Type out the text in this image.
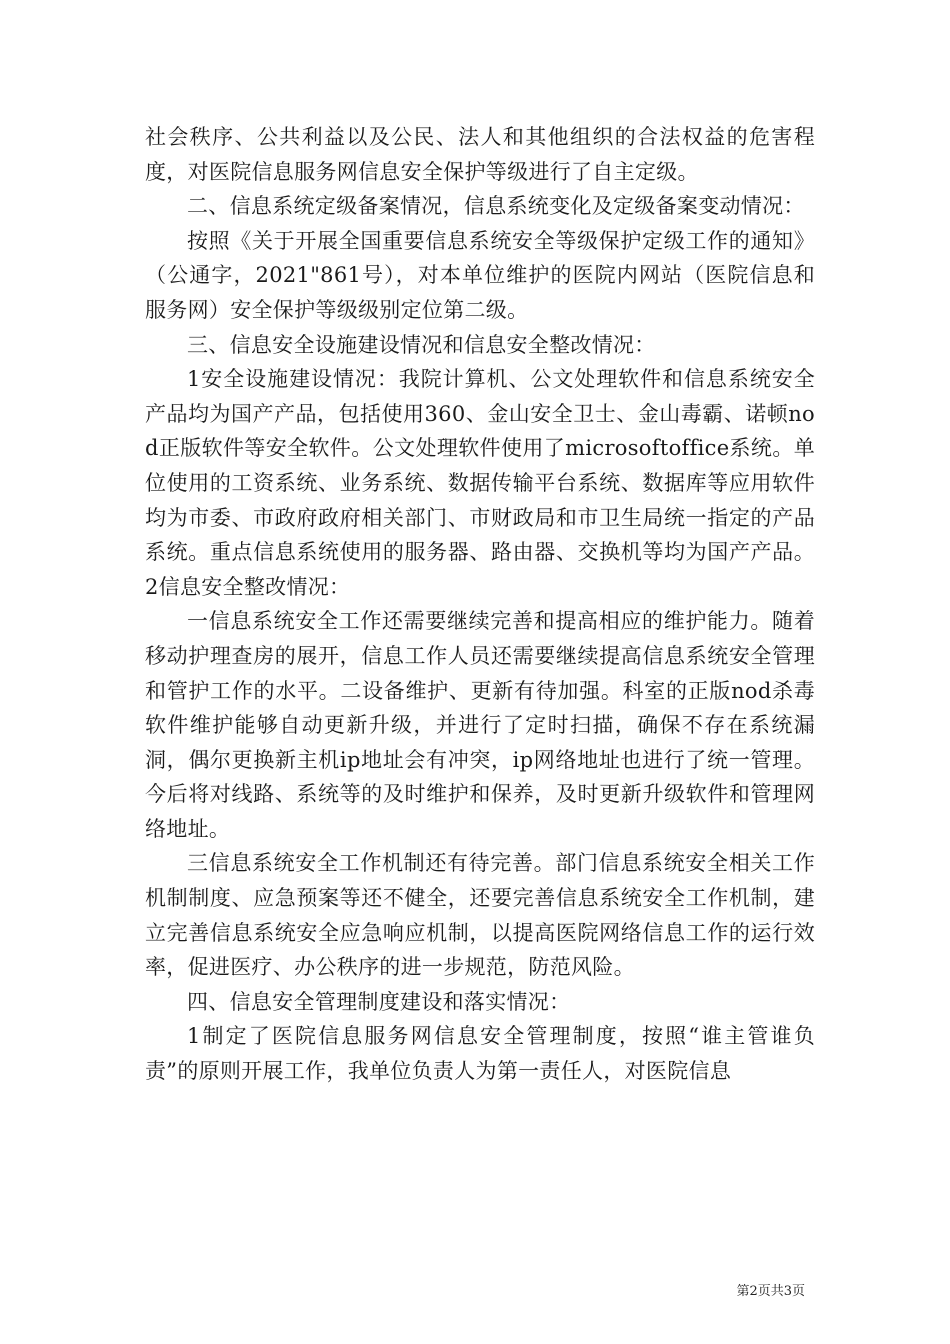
社会秩序、公共利益以及公民、法人和其他组织的合法权益的危害程度，对医院信息服务网信息安全保护等级进行了自主定级。

二、信息系统定级备案情况，信息系统变化及定级备案变动情况：

按照《关于开展全国重要信息系统安全等级保护定级工作的通知》（公通字，2021"861号），对本单位维护的医院内网站（医院信息和服务网）安全保护等级级别定位第二级。

三、信息安全设施建设情况和信息安全整改情况：

1安全设施建设情况：我院计算机、公文处理软件和信息系统安全产品均为国产产品，包括使用360、金山安全卫士、金山毒霸、诺顿nod正版软件等安全软件。公文处理软件使用了microsoftoffice系统。单位使用的工资系统、业务系统、数据传输平台系统、数据库等应用软件均为市委、市政府政府相关部门、市财政局和市卫生局统一指定的产品系统。重点信息系统使用的服务器、路由器、交换机等均为国产产品。2信息安全整改情况：

一信息系统安全工作还需要继续完善和提高相应的维护能力。随着移动护理查房的展开，信息工作人员还需要继续提高信息系统安全管理和管护工作的水平。二设备维护、更新有待加强。科室的正版nod杀毒软件维护能够自动更新升级，并进行了定时扫描，确保不存在系统漏洞，偶尔更换新主机ip地址会有冲突，ip网络地址也进行了统一管理。今后将对线路、系统等的及时维护和保养，及时更新升级软件和管理网络地址。

三信息系统安全工作机制还有待完善。部门信息系统安全相关工作机制制度、应急预案等还不健全，还要完善信息系统安全工作机制，建立完善信息系统安全应急响应机制，以提高医院网络信息工作的运行效率，促进医疗、办公秩序的进一步规范，防范风险。

四、信息安全管理制度建设和落实情况：

1制定了医院信息服务网信息安全管理制度，按照“谁主管谁负责”的原则开展工作，我单位负责人为第一责任人，对医院信息

第2页共3页
